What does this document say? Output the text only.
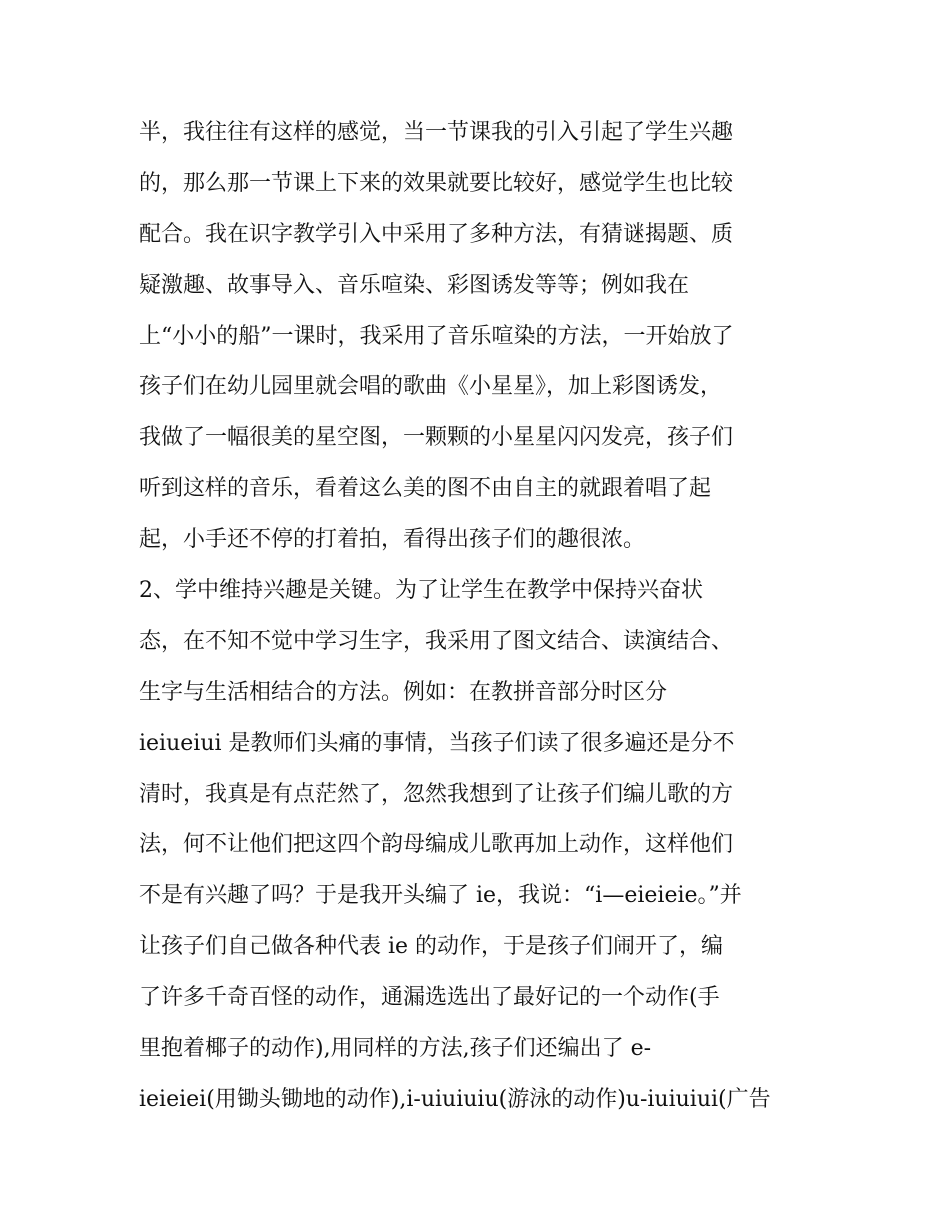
半，我往往有这样的感觉，当一节课我的引入引起了学生兴趣
的，那么那一节课上下来的效果就要比较好，感觉学生也比较
配合。我在识字教学引入中采用了多种方法，有猜谜揭题、质
疑激趣、故事导入、音乐喧染、彩图诱发等等；例如我在
上“小小的船”一课时，我采用了音乐喧染的方法，一开始放了
孩子们在幼儿园里就会唱的歌曲《小星星》，加上彩图诱发，
我做了一幅很美的星空图，一颗颗的小星星闪闪发亮，孩子们
听到这样的音乐，看着这么美的图不由自主的就跟着唱了起
起，小手还不停的打着拍，看得出孩子们的趣很浓。
2、学中维持兴趣是关键。为了让学生在教学中保持兴奋状
态，在不知不觉中学习生字，我采用了图文结合、读演结合、
生字与生活相结合的方法。例如：在教拼音部分时区分
ieiueiui 是教师们头痛的事情，当孩子们读了很多遍还是分不
清时，我真是有点茫然了，忽然我想到了让孩子们编儿歌的方
法，何不让他们把这四个韵母编成儿歌再加上动作，这样他们
不是有兴趣了吗？于是我开头编了 ie，我说：“i—eieieie。”并
让孩子们自己做各种代表 ie 的动作，于是孩子们闹开了，编
了许多千奇百怪的动作，通漏选选出了最好记的一个动作(手
里抱着椰子的动作),用同样的方法,孩子们还编出了 e-
ieieiei(用锄头锄地的动作),i-uiuiuiu(游泳的动作)u-iuiuiui(广告
